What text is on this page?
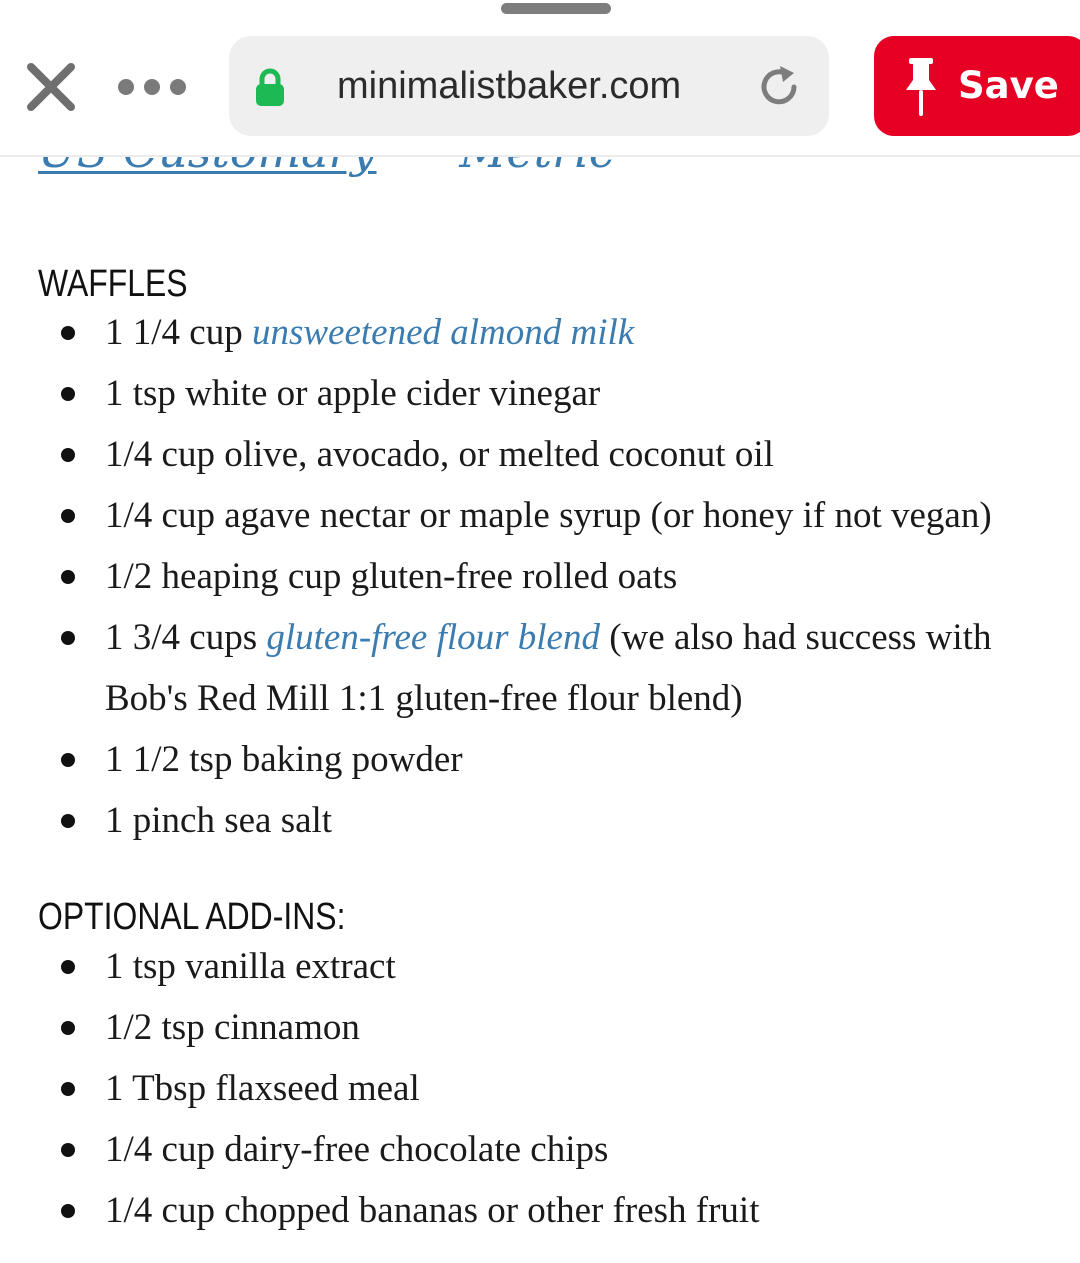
WAFFLES
1 1/4 cup unsweetened almond milk
1 tsp white or apple cider vinegar
1/4 cup olive, avocado, or melted coconut oil
1/4 cup agave nectar or maple syrup (or honey if not vegan)
1/2 heaping cup gluten-free rolled oats
1 3/4 cups gluten-free flour blend (we also had success with Bob's Red Mill 1:1 gluten-free flour blend)
1 1/2 tsp baking powder
1 pinch sea salt
OPTIONAL ADD-INS:
1 tsp vanilla extract
1/2 tsp cinnamon
1 Tbsp flaxseed meal
1/4 cup dairy-free chocolate chips
1/4 cup chopped bananas or other fresh fruit
minimalistbaker.com	Save
